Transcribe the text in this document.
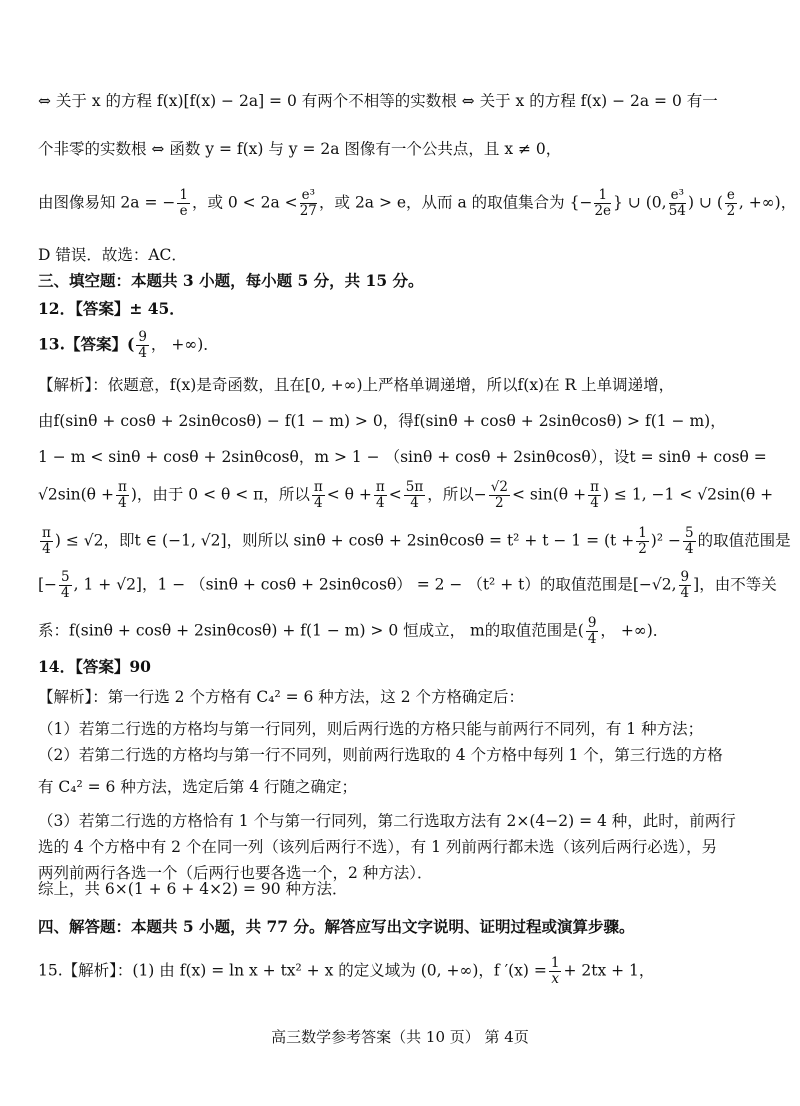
⇔ 关于 x 的方程 f(x)[f(x) − 2a] = 0 有两个不相等的实数根 ⇔ 关于 x 的方程 f(x) − 2a = 0 有一
个非零的实数根 ⇔ 函数 y = f(x) 与 y = 2a 图像有一个公共点，且 x ≠ 0，
由图像易知 2a = − $\frac{1}{e}$ ，或 $0 < 2a < \frac{\text{e³}}{27}$ ，或 2a > e，从而 a 的取值集合为 {− $\frac{1}{2e}$ } ∪ (0, $\frac{\text{e³}}{54}$ ) ∪ ( $\frac{e}{2}$ , +∞)，
D 错误．故选：AC．
三、填空题：本题共 3 小题，每小题 5 分，共 15 分。
12．【答案】± 45．
13.【答案】( $\frac{9}{4}$ ， +∞)．
【解析】：依题意，f(x)是奇函数，且在[0, +∞)上严格单调递增，所以f(x)在 R 上单调递增，
由f(sinθ + cosθ + 2sinθcosθ) − f(1 − m) > 0，得f(sinθ + cosθ + 2sinθcosθ) > f(1 − m)，
1 − m < sinθ + cosθ + 2sinθcosθ，m > 1 − （sinθ + cosθ + 2sinθcosθ），设t = sinθ + cosθ =
$√2\sin(\theta + \frac{\pi}{4}$ )，由于 0 < θ < π，所以 $\frac{\pi}{4} < \theta + \frac{\pi}{4} < \frac{5\pi}{4}$ ，所以− $\frac{√2}{2} < \sin(\theta + \frac{\pi}{4}$ ) ≤ 1, −1 < √2sin(θ +
$\frac{\pi}{4}$ ) ≤ √2，即t ∈ (−1, √2]，则所以 $\sin\theta + \cos\theta + 2\sin\theta\cos\theta = t^2 + t - 1 = (t + \frac{1}{2} )^2 - \frac{5}{4}$ 的取值范围是
[− $\frac{5}{4}$ , 1 + √2]，1 − （sinθ + cosθ + 2sinθcosθ） = 2 − （t² + t）的取值范围是[−√2, $\frac{9}{4}$ ]，由不等关
系：f(sinθ + cosθ + 2sinθcosθ) + f(1 − m) > 0 恒成立， m的取值范围是( $\frac{9}{4}$ ， +∞)．
14．【答案】90
【解析】：第一行选 2 个方格有 C₄² = 6 种方法，这 2 个方格确定后：
（1）若第二行选的方格均与第一行同列，则后两行选的方格只能与前两行不同列，有 1 种方法；
（2）若第二行选的方格均与第一行不同列，则前两行选取的 4 个方格中每列 1 个，第三行选的方格
有 C₄² = 6 种方法，选定后第 4 行随之确定；
（3）若第二行选的方格恰有 1 个与第一行同列，第二行选取方法有 2×(4−2) = 4 种，此时，前两行
选的 4 个方格中有 2 个在同一列（该列后两行不选），有 1 列前两行都未选（该列后两行必选），另
两列前两行各选一个（后两行也要各选一个，2 种方法）．
综上，共 6×(1 + 6 + 4×2) = 90 种方法．
四、解答题：本题共 5 小题，共 77 分。解答应写出文字说明、证明过程或演算步骤。
15.【解析】：(1) 由 f(x) = ln x + tx² + x 的定义域为 (0, +∞)，f $'(x) = \frac{1}{x} + 2tx + 1$，
高三数学参考答案（共 10 页） 第 4页
